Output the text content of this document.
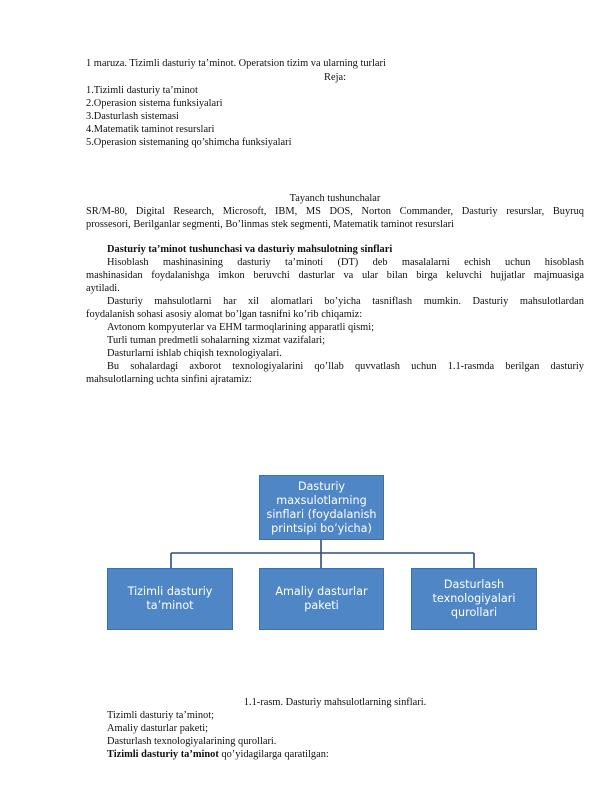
1 maruza. Tizimli dasturiy ta’minot. Operatsion tizim va ularning turlari
Reja:
1.Tizimli dasturiy ta’minot
2.Operasion sistema funksiyalari
3.Dasturlash sistemasi
4.Matematik taminot resurslari
5.Operasion sistemaning qo’shimcha funksiyalari
Tayanch tushunchalar
SR/M-80, Digital Research, Microsoft, IBM, MS DOS, Norton Commander, Dasturiy resurslar, Buyruq
prossesori, Berilganlar segmenti, Bo’linmas stek segmenti, Matematik taminot resurslari
Dasturiy ta’minot tushunchasi va dasturiy mahsulotning sinflari
Hisoblash mashinasining dasturiy ta’minoti (DT) deb masalalarni echish uchun hisoblash
mashinasidan foydalanishga imkon beruvchi dasturlar va ular bilan birga keluvchi hujjatlar majmuasiga
aytiladi.
Dasturiy mahsulotlarni har xil alomatlari bo’yicha tasniflash mumkin. Dasturiy mahsulotlardan
foydalanish sohasi asosiy alomat bo’lgan tasnifni ko’rib chiqamiz:
Avtonom kompyuterlar va EHM tarmoqlarining apparatli qismi;
Turli tuman predmetli sohalarning xizmat vazifalari;
Dasturlarni ishlab chiqish texnologiyalari.
Bu sohalardagi axborot texnologiyalarini qo’llab quvvatlash uchun 1.1-rasmda berilgan dasturiy
mahsulotlarning uchta sinfini ajratamiz:
Dasturiy
maxsulotlarning
sinflari (foydalanish
printsipi bo’yicha)
Tizimli dasturiy
ta’minot
Amaliy dasturlar
paketi
Dasturlash
texnologiyalari
qurollari
1.1-rasm. Dasturiy mahsulotlarning sinflari.
Tizimli dasturiy ta’minot;
Amaliy dasturlar paketi;
Dasturlash texnologiyalarining qurollari.
Tizimli dasturiy ta’minot qo’yidagilarga qaratilgan:
